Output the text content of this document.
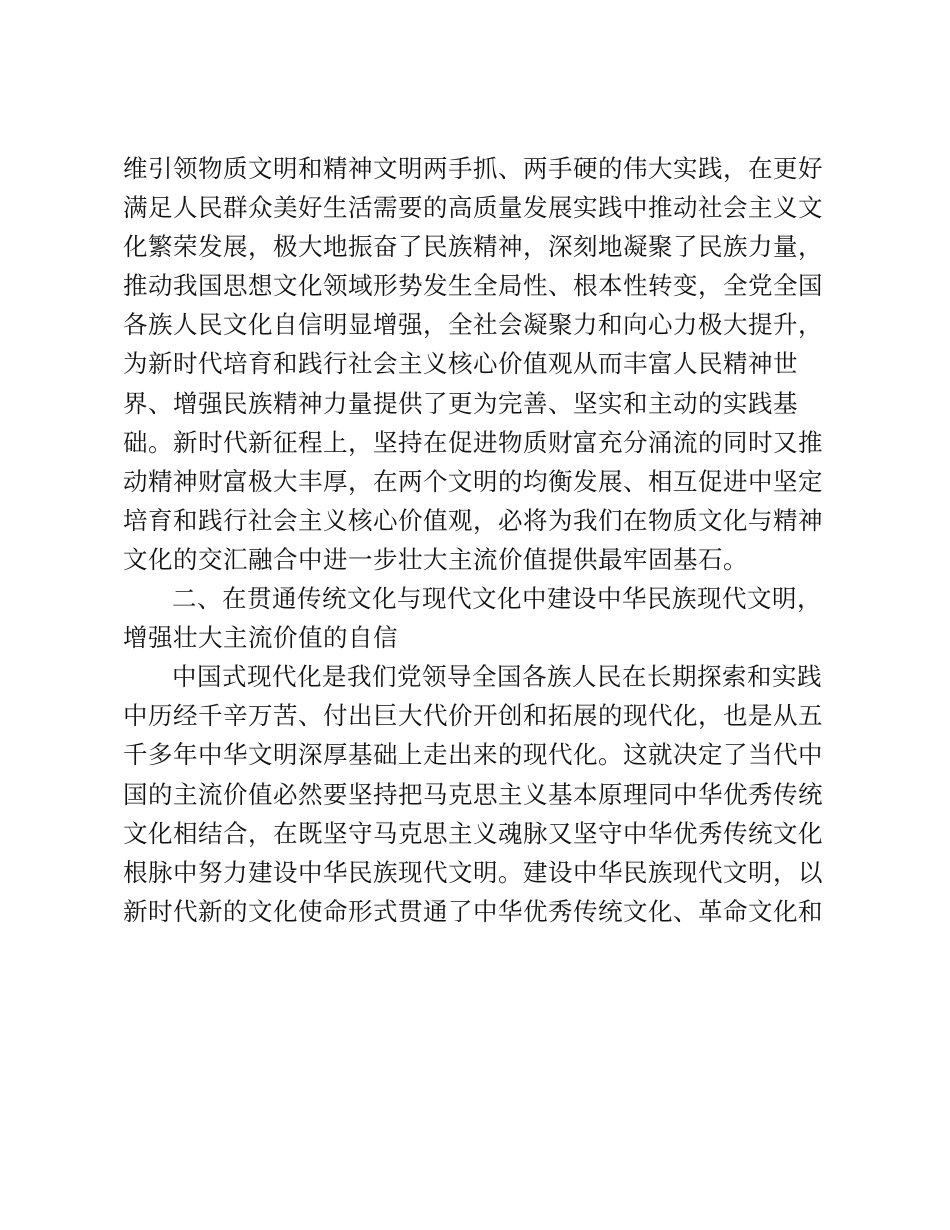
维引领物质文明和精神文明两手抓、两手硬的伟大实践，在更好
满足人民群众美好生活需要的高质量发展实践中推动社会主义文
化繁荣发展，极大地振奋了民族精神，深刻地凝聚了民族力量，
推动我国思想文化领域形势发生全局性、根本性转变，全党全国
各族人民文化自信明显增强，全社会凝聚力和向心力极大提升，
为新时代培育和践行社会主义核心价值观从而丰富人民精神世
界、增强民族精神力量提供了更为完善、坚实和主动的实践基
础。新时代新征程上，坚持在促进物质财富充分涌流的同时又推
动精神财富极大丰厚，在两个文明的均衡发展、相互促进中坚定
培育和践行社会主义核心价值观，必将为我们在物质文化与精神
文化的交汇融合中进一步壮大主流价值提供最牢固基石。
二、在贯通传统文化与现代文化中建设中华民族现代文明，
增强壮大主流价值的自信
中国式现代化是我们党领导全国各族人民在长期探索和实践
中历经千辛万苦、付出巨大代价开创和拓展的现代化，也是从五
千多年中华文明深厚基础上走出来的现代化。这就决定了当代中
国的主流价值必然要坚持把马克思主义基本原理同中华优秀传统
文化相结合，在既坚守马克思主义魂脉又坚守中华优秀传统文化
根脉中努力建设中华民族现代文明。建设中华民族现代文明，以
新时代新的文化使命形式贯通了中华优秀传统文化、革命文化和
